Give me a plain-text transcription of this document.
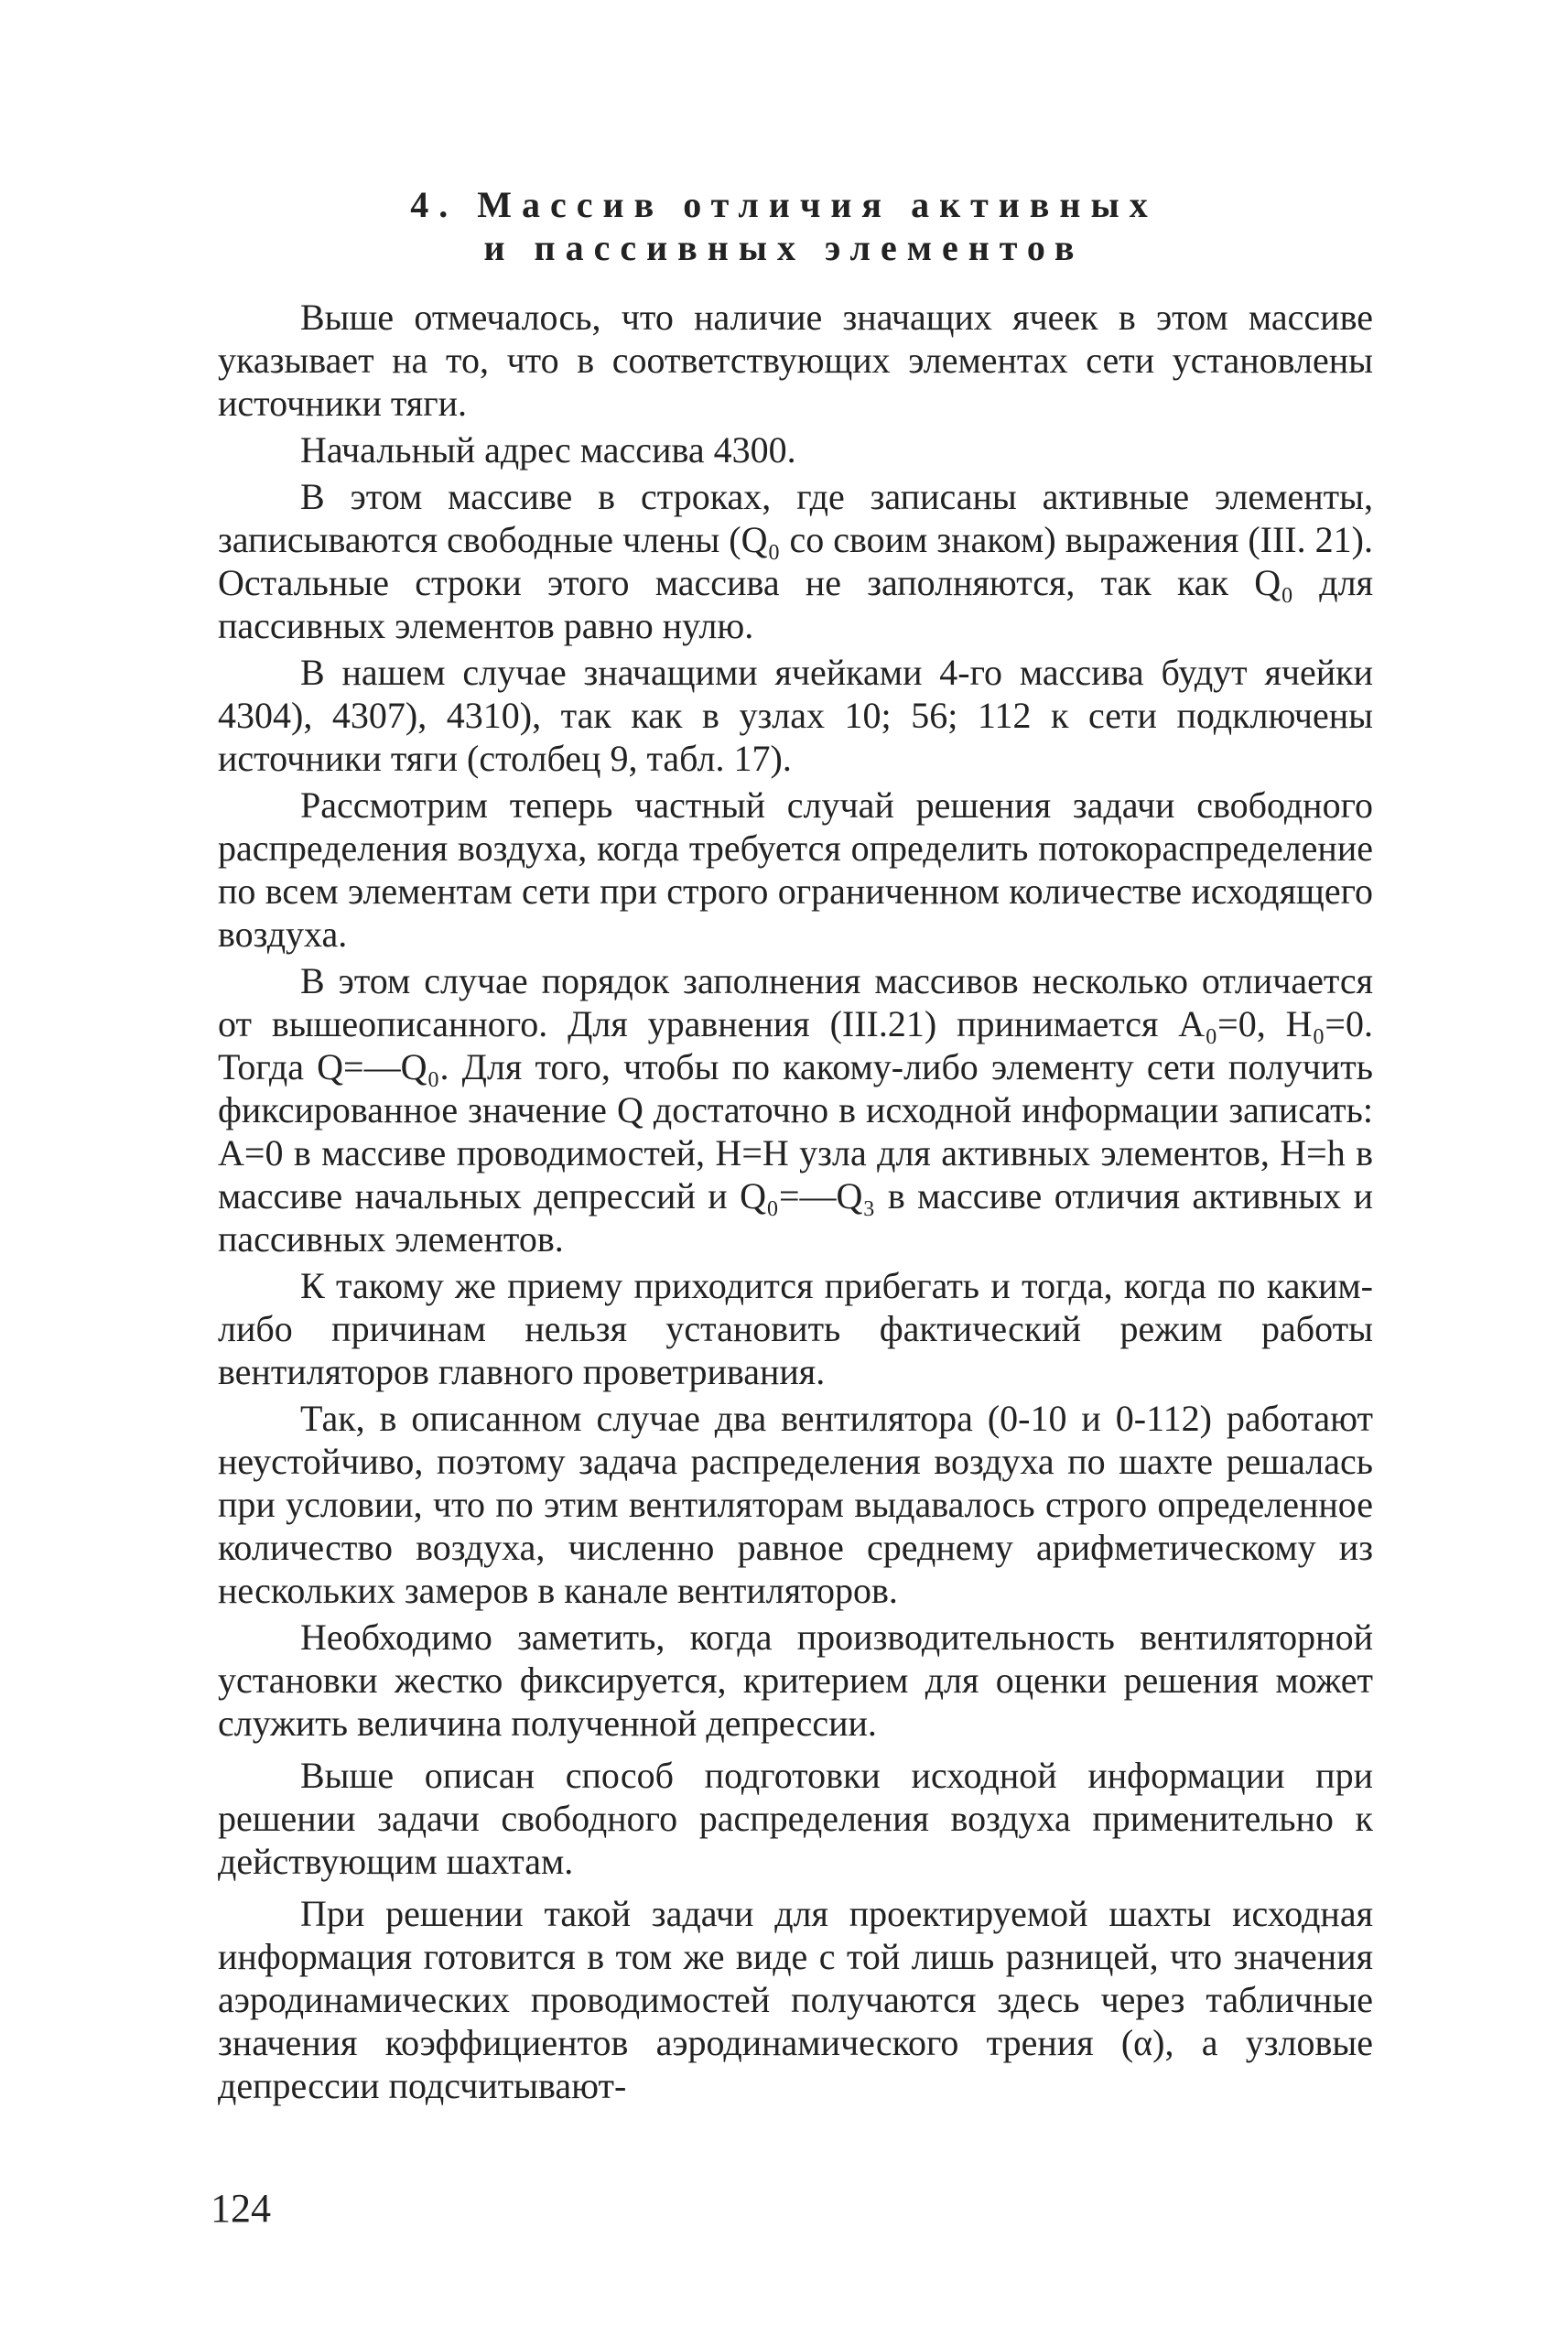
4. Массив отличия активных
и пассивных элементов

Выше отмечалось, что наличие значащих ячеек в этом массиве указывает на то, что в соответствующих элементах сети установлены источники тяги.

Начальный адрес массива 4300.

В этом массиве в строках, где записаны активные элементы, записываются свободные члены (Q₀ со своим знаком) выражения (III. 21). Остальные строки этого массива не заполняются, так как Q₀ для пассивных элементов равно нулю.

В нашем случае значащими ячейками 4-го массива будут ячейки 4304), 4307), 4310), так как в узлах 10; 56; 112 к сети подключены источники тяги (столбец 9, табл. 17).

Рассмотрим теперь частный случай решения задачи свободного распределения воздуха, когда требуется определить потокораспределение по всем элементам сети при строго ограниченном количестве исходящего воздуха.

В этом случае порядок заполнения массивов несколько отличается от вышеописанного. Для уравнения (III.21) принимается A₀=0, H₀=0. Тогда Q=—Q₀. Для того, чтобы по какому-либо элементу сети получить фиксированное значение Q достаточно в исходной информации записать: A=0 в массиве проводимостей, H=H узла для активных элементов, H=h в массиве начальных депрессий и Q₀=—Q₃ в массиве отличия активных и пассивных элементов.

К такому же приему приходится прибегать и тогда, когда по каким-либо причинам нельзя установить фактический режим работы вентиляторов главного проветривания.

Так, в описанном случае два вентилятора (0-10 и 0-112) работают неустойчиво, поэтому задача распределения воздуха по шахте решалась при условии, что по этим вентиляторам выдавалось строго определенное количество воздуха, численно равное среднему арифметическому из нескольких замеров в канале вентиляторов.

Необходимо заметить, когда производительность вентиляторной установки жестко фиксируется, критерием для оценки решения может служить величина полученной депрессии.

Выше описан способ подготовки исходной информации при решении задачи свободного распределения воздуха применительно к действующим шахтам.

При решении такой задачи для проектируемой шахты исходная информация готовится в том же виде с той лишь разницей, что значения аэродинамических проводимостей получаются здесь через табличные значения коэффициентов аэродинамического трения (α), а узловые депрессии подсчитывают-

124
